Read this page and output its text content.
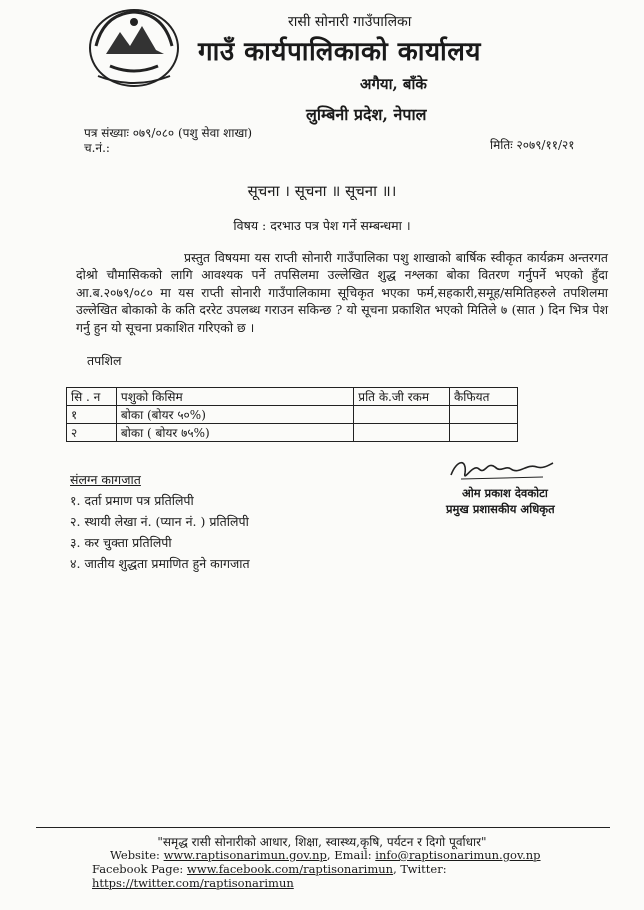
रासी सोनारी गाउँपालिका
गाउँ कार्यपालिकाको कार्यालय
अगैया, बाँके
लुम्बिनी प्रदेश, नेपाल
पत्र संख्याः ०७९/०८० (पशु सेवा शाखा)
च.नं.:	मितिः २०७९/११/२१
सूचना । सूचना ॥ सूचना ॥।
विषय : दरभाउ पत्र पेश गर्ने सम्बन्धमा ।

प्रस्तुत विषयमा यस राप्ती सोनारी गाउँपालिका पशु शाखाको बार्षिक स्वीकृत कार्यक्रम अन्तरगत दोश्रो चौमासिकको लागि आवश्यक पर्ने तपसिलमा उल्लेखित शुद्ध नश्लका बोका वितरण गर्नुपर्ने भएको हुँदा आ.ब.२०७९/०८० मा यस राप्ती सोनारी गाउँपालिकामा सूचिकृत भएका फर्म,सहकारी,समूह/समितिहरुले तपशिलमा उल्लेखित बोकाको के कति दररेट उपलब्ध गराउन सकिन्छ ? यो सूचना प्रकाशित भएको मितिले ७ (सात ) दिन भित्र पेश गर्नु हुन यो सूचना प्रकाशित गरिएको छ ।

तपशिल
सि . न	पशुको किसिम	प्रति के.जी रकम	कैफियत
१	बोका (बोयर ५०%)		
२	बोका ( बोयर ७५%)		
संलग्न कागजात
१. दर्ता प्रमाण पत्र प्रतिलिपी
२. स्थायी लेखा नं. (प्यान नं. ) प्रतिलिपी
३. कर चुक्ता प्रतिलिपी
४. जातीय शुद्धता प्रमाणित हुने कागजात
ओम प्रकाश देवकोटा
प्रमुख प्रशासकीय अधिकृत
"समृद्ध रासी सोनारीको आधार, शिक्षा, स्वास्थ्य,कृषि, पर्यटन र दिगो पूर्वाधार"
Website: www.raptisonarimun.gov.np, Email: info@raptisonarimun.gov.np
Facebook Page: www.facebook.com/raptisonarimun, Twitter: https://twitter.com/raptisonarimun
